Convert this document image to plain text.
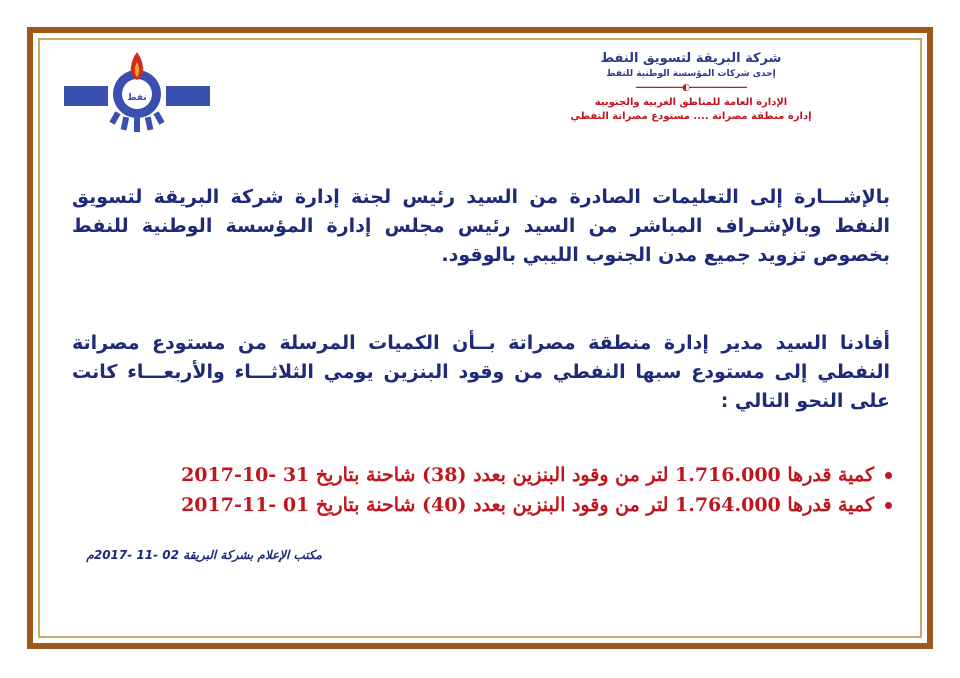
نفط
شركة البريقة لتسويق النفط
إحدى شركات المؤسسة الوطنية للنفط
---------------------◐-----------------
الإدارة العامة للمناطق الغربية والجنوبية
إدارة منطقة مصراتة .... مستودع مصراتة النفطي
بالإشـــارة إلى التعليمات الصادرة من السيد رئيس لجنة إدارة شركة البريقة لتسويق النفط وبالإشـراف المباشر من السيد رئيس مجلس إدارة المؤسسة الوطنية للنفط بخصوص تزويد جميع مدن الجنوب الليبي بالوقود.
أفادنا السيد مدير إدارة منطقة مصراتة بــأن الكميات المرسلة من مستودع مصراتة النفطي إلى مستودع سبها النفطي من وقود البنزين يومي الثلاثـــاء والأربعـــاء كانت على النحو التالي :
كمية قدرها 1.716.000 لتر من وقود البنزين بعدد (38) شاحنة بتاريخ 31 -10-2017
كمية قدرها 1.764.000 لتر من وقود البنزين بعدد (40) شاحنة بتاريخ 01 -11-2017
مكتب الإعلام بشركة البريقة 02 -11 -2017م
